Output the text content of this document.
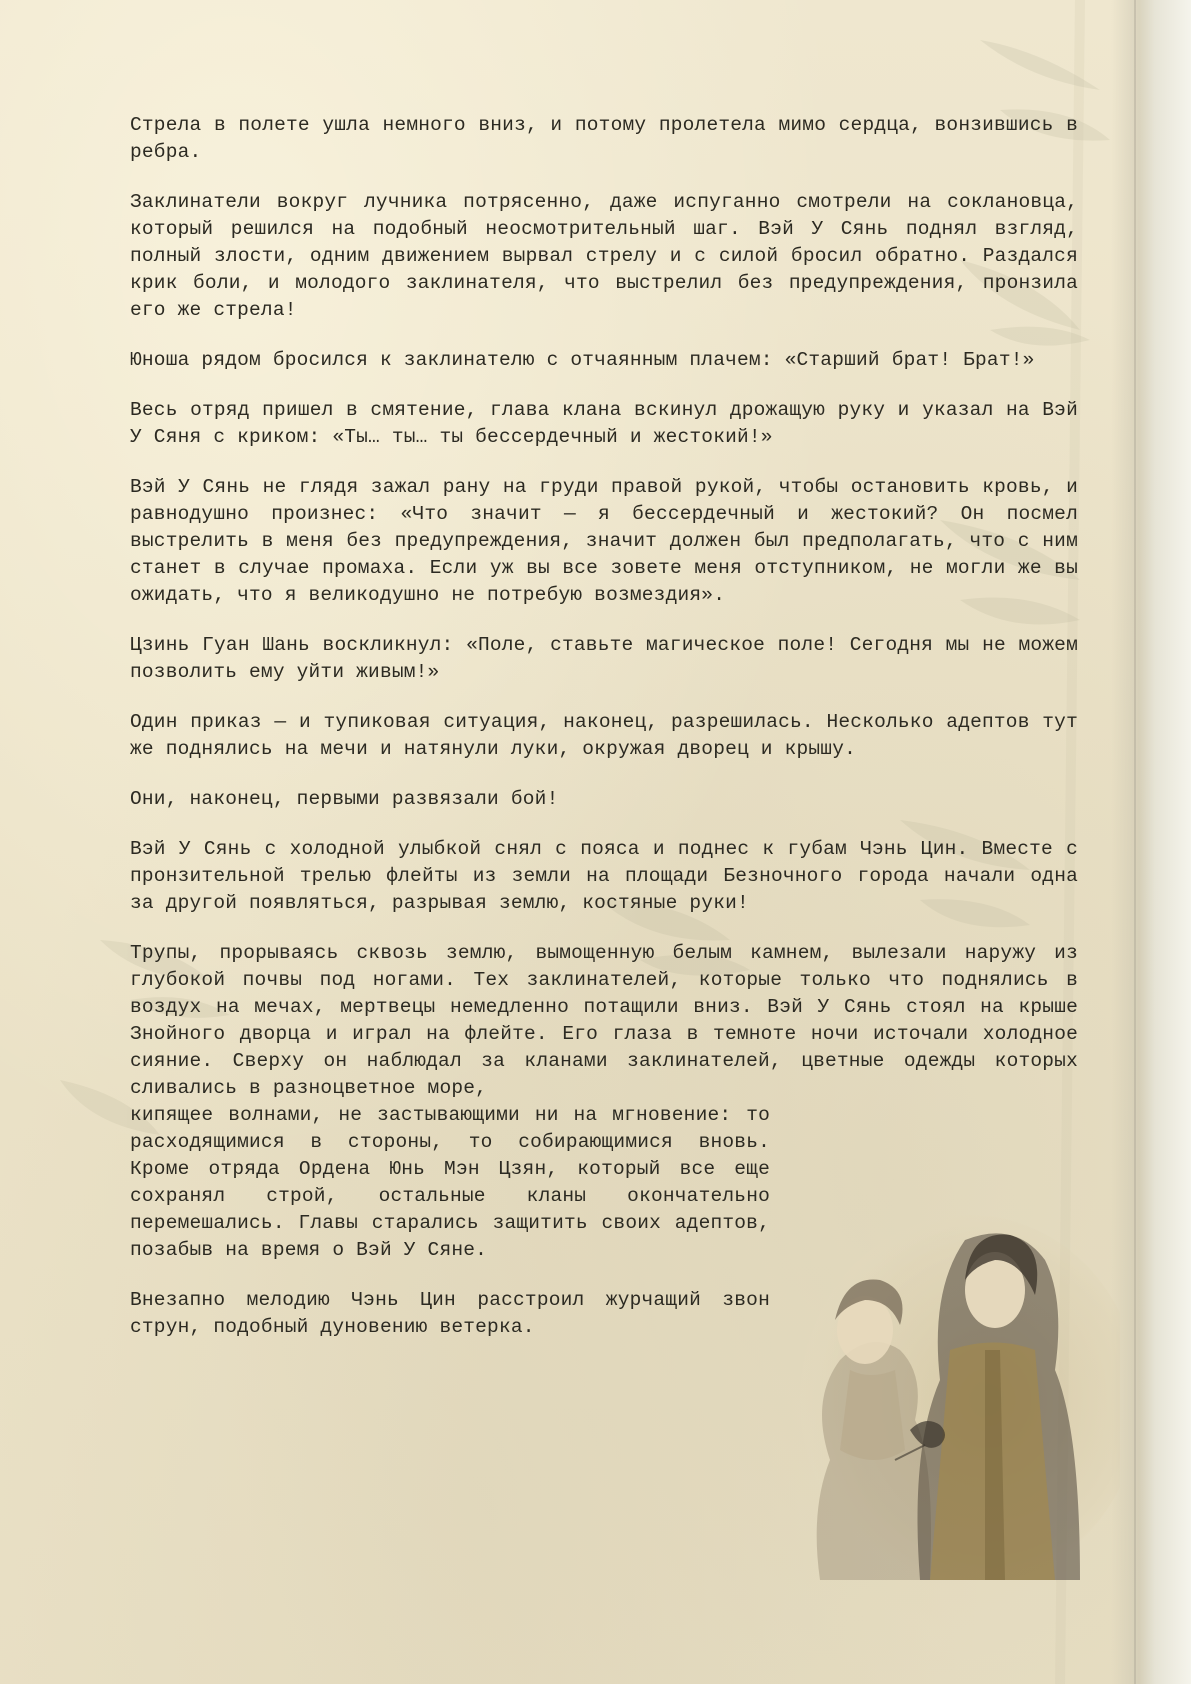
Стрела в полете ушла немного вниз, и потому пролетела мимо сердца, вонзившись в ребра.

Заклинатели вокруг лучника потрясенно, даже испуганно смотрели на сoклановца, который решился на подобный неосмотрительный шаг. Вэй У Сянь поднял взгляд, полный злости, одним движением вырвал стрелу и с силой бросил обратно. Раздался крик боли, и молодого заклинателя, что выстрелил без предупреждения, пронзила его же стрела!

Юноша рядом бросился к заклинателю с отчаянным плачем: «Старший брат! Брат!»

Весь отряд пришел в смятение, глава клана вскинул дрожащую руку и указал на Вэй У Сяня с криком: «Ты… ты… ты бессердечный и жестокий!»

Вэй У Сянь не глядя зажал рану на груди правой рукой, чтобы остановить кровь, и равнодушно произнес: «Что значит — я бессердечный и жестокий? Он посмел выстрелить в меня без предупреждения, значит должен был предполагать, что с ним станет в случае промаха. Если уж вы все зовете меня отступником, не могли же вы ожидать, что я великодушно не потребую возмездия».

Цзинь Гуан Шань воскликнул: «Поле, ставьте магическое поле! Сегодня мы не можем позволить ему уйти живым!»

Один приказ — и тупиковая ситуация, наконец, разрешилась. Несколько адептов тут же поднялись на мечи и натянули луки, окружая дворец и крышу.

Они, наконец, первыми развязали бой!

Вэй У Сянь с холодной улыбкой снял с пояса и поднес к губам Чэнь Цин. Вместе с пронзительной трелью флейты из земли на площади Безночного города начали одна за другой появляться, разрывая землю, костяные руки!

Трупы, прорываясь сквозь землю, вымощенную белым камнем, вылезали наружу из глубокой почвы под ногами. Тех заклинателей, которые только что поднялись в воздух на мечах, мертвецы немедленно потащили вниз. Вэй У Сянь стоял на крыше Знойного дворца и играл на флейте. Его глаза в темноте ночи источали холодное сияние. Сверху он наблюдал за кланами заклинателей, цветные одежды которых сливались в разноцветное море,

кипящее волнами, не застывающими ни на мгновение: то расходящимися в стороны, то собирающимися вновь. Кроме отряда Ордена Юнь Мэн Цзян, который все еще сохранял строй, остальные кланы окончательно перемешались. Главы старались защитить своих адептов, позабыв на время о Вэй У Сяне.

Внезапно мелодию Чэнь Цин расстроил журчащий звон струн, подобный дуновению ветерка.
